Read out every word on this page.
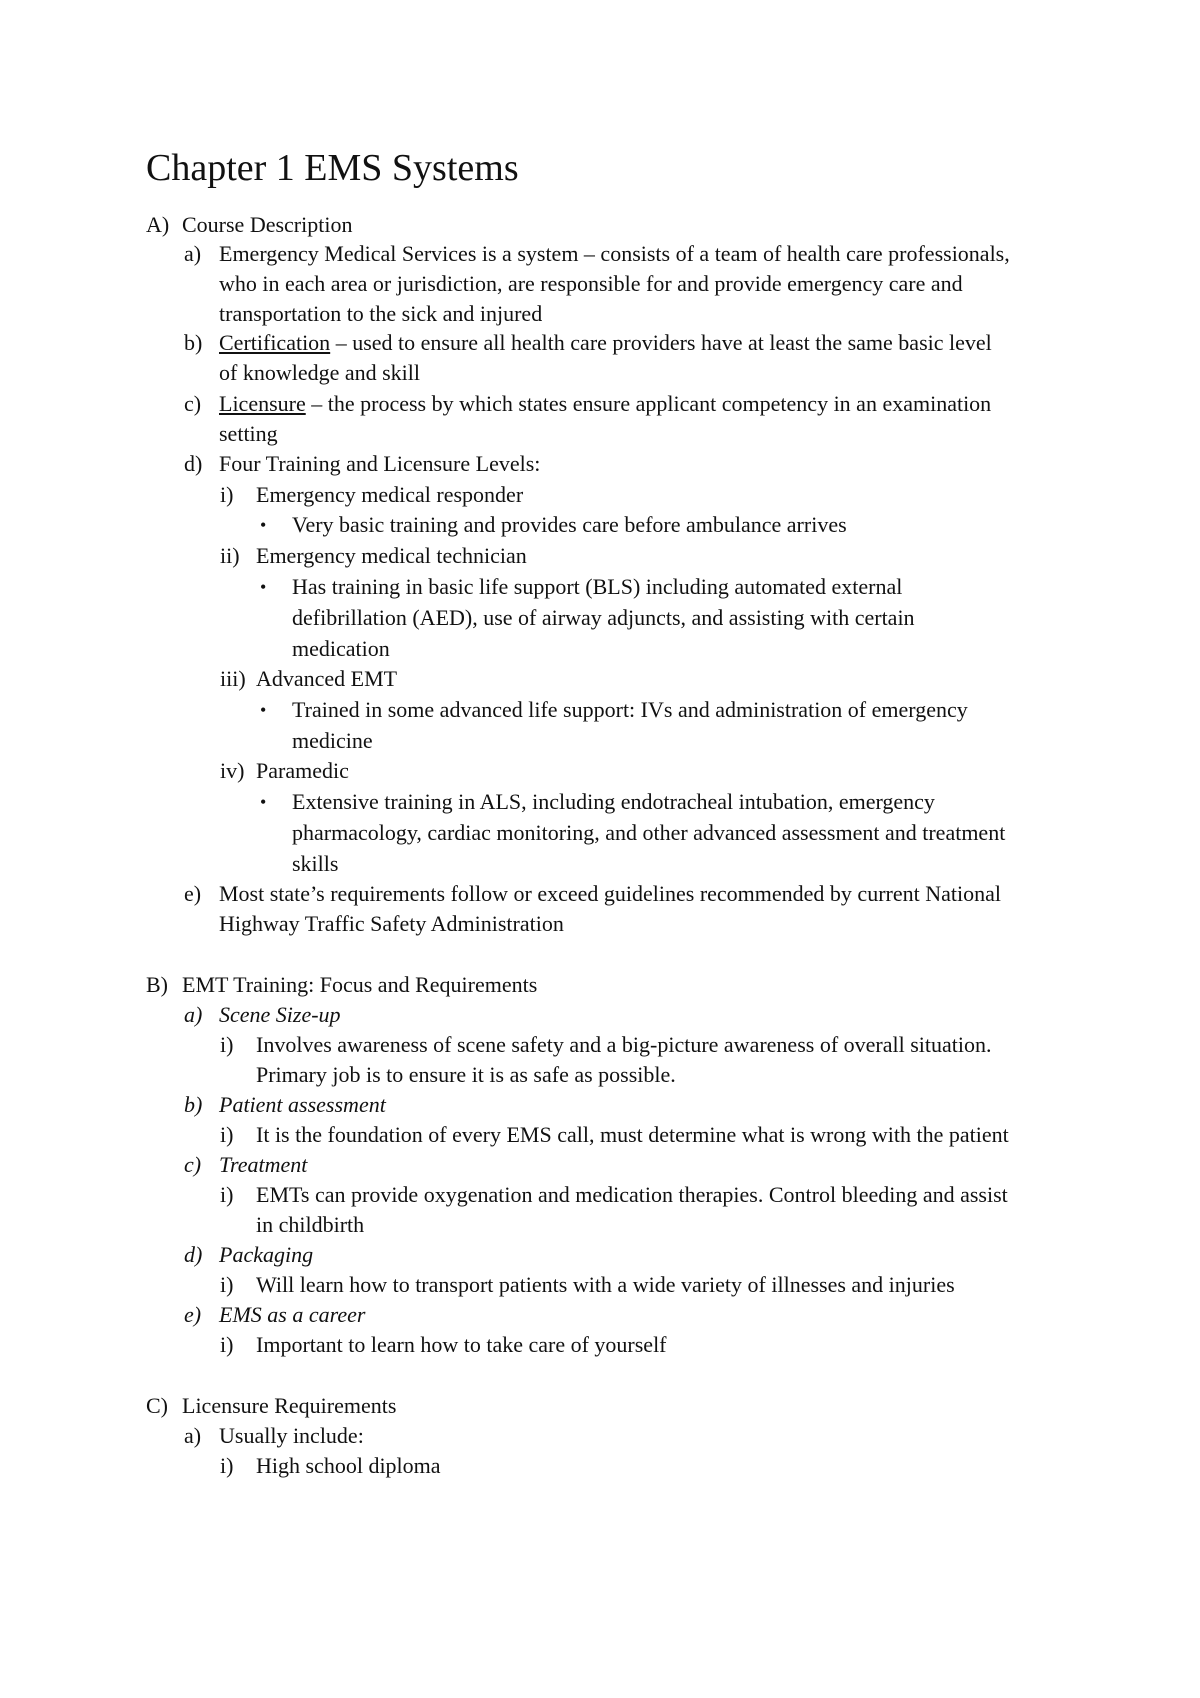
Chapter 1 EMS Systems
A) Course Description
a) Emergency Medical Services is a system – consists of a team of health care professionals,
who in each area or jurisdiction, are responsible for and provide emergency care and
transportation to the sick and injured
b) Certification – used to ensure all health care providers have at least the same basic level
of knowledge and skill
c) Licensure – the process by which states ensure applicant competency in an examination
setting
d) Four Training and Licensure Levels:
i) Emergency medical responder
• Very basic training and provides care before ambulance arrives
ii) Emergency medical technician
• Has training in basic life support (BLS) including automated external
defibrillation (AED), use of airway adjuncts, and assisting with certain
medication
iii) Advanced EMT
• Trained in some advanced life support: IVs and administration of emergency
medicine
iv) Paramedic
• Extensive training in ALS, including endotracheal intubation, emergency
pharmacology, cardiac monitoring, and other advanced assessment and treatment
skills
e) Most state’s requirements follow or exceed guidelines recommended by current National
Highway Traffic Safety Administration
B) EMT Training: Focus and Requirements
a) Scene Size-up
i) Involves awareness of scene safety and a big-picture awareness of overall situation.
Primary job is to ensure it is as safe as possible.
b) Patient assessment
i) It is the foundation of every EMS call, must determine what is wrong with the patient
c) Treatment
i) EMTs can provide oxygenation and medication therapies. Control bleeding and assist
in childbirth
d) Packaging
i) Will learn how to transport patients with a wide variety of illnesses and injuries
e) EMS as a career
i) Important to learn how to take care of yourself
C) Licensure Requirements
a) Usually include:
i) High school diploma
